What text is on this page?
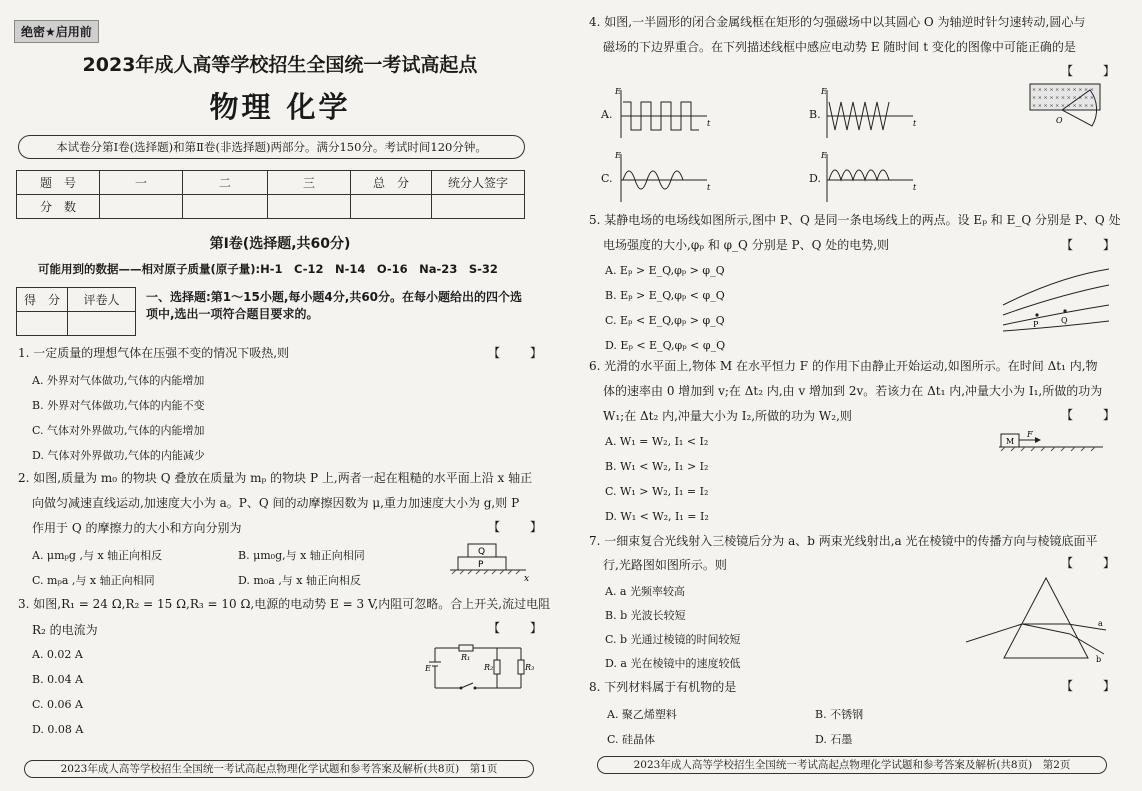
绝密★启用前
2023年成人高等学校招生全国统一考试高起点
物理 化学
本试卷分第Ⅰ卷(选择题)和第Ⅱ卷(非选择题)两部分。满分150分。考试时间120分钟。
题　号	一	二	三	总　分	统分人签字
分　数					
第Ⅰ卷(选择题,共60分)
可能用到的数据——相对原子质量(原子量):H-1　C-12　N-14　O-16　Na-23　S-32
得　分	评卷人
	一、选择题:第1～15小题,每小题4分,共60分。在每小题给出的四个选项中,选出一项符合题目要求的。
1. 一定质量的理想气体在压强不变的情况下吸热,则	【　　】
A. 外界对气体做功,气体的内能增加
B. 外界对气体做功,气体的内能不变
C. 气体对外界做功,气体的内能增加
D. 气体对外界做功,气体的内能减少
2. 如图,质量为 m₀ 的物块 Q 叠放在质量为 mₚ 的物块 P 上,两者一起在粗糙的水平面上沿 x 轴正
向做匀减速直线运动,加速度大小为 a。P、Q 间的动摩擦因数为 μ,重力加速度大小为 g,则 P
作用于 Q 的摩擦力的大小和方向分别为	【　　】
A. μmₚg ,与 x 轴正向相反	B. μm₀g,与 x 轴正向相同
C. mₚa ,与 x 轴正向相同	D. m₀a ,与 x 轴正向相反
Q
P
x
3. 如图,R₁ = 24 Ω,R₂ = 15 Ω,R₃ = 10 Ω,电源的电动势 E = 3 V,内阻可忽略。合上开关,流过电阻
R₂ 的电流为	【　　】
A. 0.02 A
B. 0.04 A
C. 0.06 A
D. 0.08 A
E
R₁
R₂	R₃
2023年成人高等学校招生全国统一考试高起点物理化学试题和参考答案及解析(共8页)　第1页
4. 如图,一半圆形的闭合金属线框在矩形的匀强磁场中以其圆心 O 为轴逆时针匀速转动,圆心与
磁场的下边界重合。在下列描述线框中感应电动势 E 随时间 t 变化的图像中可能正确的是
【　　】
A.
E
t
B.
E
t
× × × × × × × × × × ×
× × × × × × × × × × ×
× × × × × × × × × × ×
O
C.
E
t
D.
E
t
5. 某静电场的电场线如图所示,图中 P、Q 是同一条电场线上的两点。设 Eₚ 和 E_Q 分别是 P、Q 处
电场强度的大小,φₚ 和 φ_Q 分别是 P、Q 处的电势,则	【　　】
A. Eₚ > E_Q,φₚ > φ_Q
B. Eₚ > E_Q,φₚ < φ_Q
C. Eₚ < E_Q,φₚ > φ_Q
D. Eₚ < E_Q,φₚ < φ_Q
P	Q
6. 光滑的水平面上,物体 M 在水平恒力 F 的作用下由静止开始运动,如图所示。在时间 Δt₁ 内,物
体的速率由 0 增加到 v;在 Δt₂ 内,由 v 增加到 2v。若该力在 Δt₁ 内,冲量大小为 I₁,所做的功为
W₁;在 Δt₂ 内,冲量大小为 I₂,所做的功为 W₂,则	【　　】
A. W₁ = W₂, I₁ < I₂
B. W₁ < W₂, I₁ > I₂
C. W₁ > W₂, I₁ = I₂
D. W₁ < W₂, I₁ = I₂
M
F
7. 一细束复合光线射入三棱镜后分为 a、b 两束光线射出,a 光在棱镜中的传播方向与棱镜底面平
行,光路图如图所示。则	【　　】
A. a 光频率较高
B. b 光波长较短
C. b 光通过棱镜的时间较短
D. a 光在棱镜中的速度较低
a
b
8. 下列材料属于有机物的是	【　　】
A. 聚乙烯塑料	B. 不锈钢
C. 硅晶体	D. 石墨
2023年成人高等学校招生全国统一考试高起点物理化学试题和参考答案及解析(共8页)　第2页
